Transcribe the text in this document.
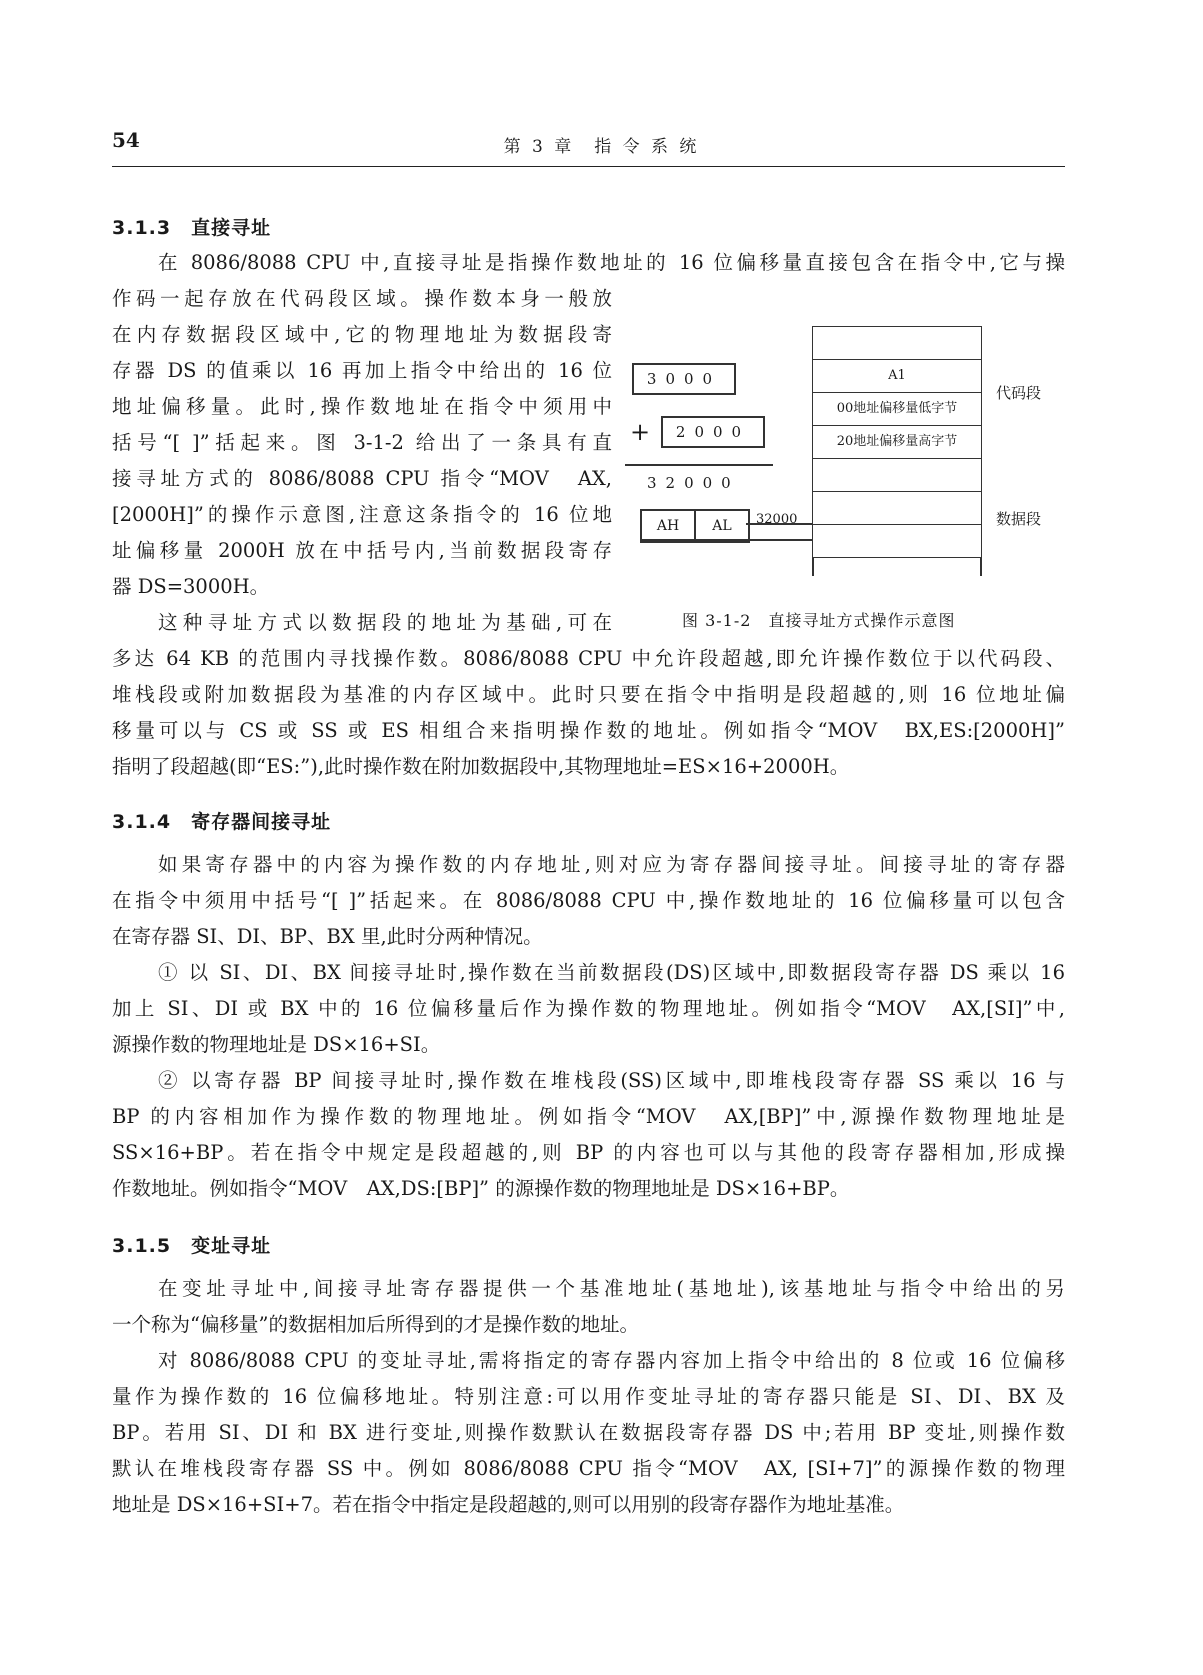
54	第 3 章　指 令 系 统
3.1.3　直接寻址
在 8086/8088 CPU 中,直接寻址是指操作数地址的 16 位偏移量直接包含在指令中,它与操
作码一起存放在代码段区域。操作数本身一般放
在内存数据段区域中,它的物理地址为数据段寄
存器 DS 的值乘以 16 再加上指令中给出的 16 位
地址偏移量。此时,操作数地址在指令中须用中
括号“[ ]”括起来。图 3-1-2 给出了一条具有直
接寻址方式的 8086/8088 CPU 指令“MOV　AX,
[2000H]”的操作示意图,注意这条指令的 16 位地
址偏移量 2000H 放在中括号内,当前数据段寄存
器 DS=3000H。
这种寻址方式以数据段的地址为基础,可在
多达 64 KB 的范围内寻找操作数。8086/8088 CPU 中允许段超越,即允许操作数位于以代码段、
堆栈段或附加数据段为基准的内存区域中。此时只要在指令中指明是段超越的,则 16 位地址偏
移量可以与 CS 或 SS 或 ES 相组合来指明操作数的地址。例如指令“MOV　BX,ES:[2000H]”
指明了段超越(即“ES:”),此时操作数在附加数据段中,其物理地址=ES×16+2000H。
3000
+	2000
32000
AH	AL	32000
A1
00地址偏移量低字节
20地址偏移量高字节
代码段
数据段
图 3-1-2　直接寻址方式操作示意图
3.1.4　寄存器间接寻址
如果寄存器中的内容为操作数的内存地址,则对应为寄存器间接寻址。间接寻址的寄存器
在指令中须用中括号“[ ]”括起来。在 8086/8088 CPU 中,操作数地址的 16 位偏移量可以包含
在寄存器 SI、DI、BP、BX 里,此时分两种情况。
① 以 SI、DI、BX 间接寻址时,操作数在当前数据段(DS)区域中,即数据段寄存器 DS 乘以 16
加上 SI、DI 或 BX 中的 16 位偏移量后作为操作数的物理地址。例如指令“MOV　AX,[SI]”中,
源操作数的物理地址是 DS×16+SI。
② 以寄存器 BP 间接寻址时,操作数在堆栈段(SS)区域中,即堆栈段寄存器 SS 乘以 16 与
BP 的内容相加作为操作数的物理地址。例如指令“MOV　AX,[BP]”中,源操作数物理地址是
SS×16+BP。若在指令中规定是段超越的,则 BP 的内容也可以与其他的段寄存器相加,形成操
作数地址。例如指令“MOV　AX,DS:[BP]” 的源操作数的物理地址是 DS×16+BP。
3.1.5　变址寻址
在变址寻址中,间接寻址寄存器提供一个基准地址(基地址),该基地址与指令中给出的另
一个称为“偏移量”的数据相加后所得到的才是操作数的地址。
对 8086/8088 CPU 的变址寻址,需将指定的寄存器内容加上指令中给出的 8 位或 16 位偏移
量作为操作数的 16 位偏移地址。特别注意:可以用作变址寻址的寄存器只能是 SI、DI、BX 及
BP。若用 SI、DI 和 BX 进行变址,则操作数默认在数据段寄存器 DS 中;若用 BP 变址,则操作数
默认在堆栈段寄存器 SS 中。例如 8086/8088 CPU 指令“MOV　AX, [SI+7]”的源操作数的物理
地址是 DS×16+SI+7。若在指令中指定是段超越的,则可以用别的段寄存器作为地址基准。
